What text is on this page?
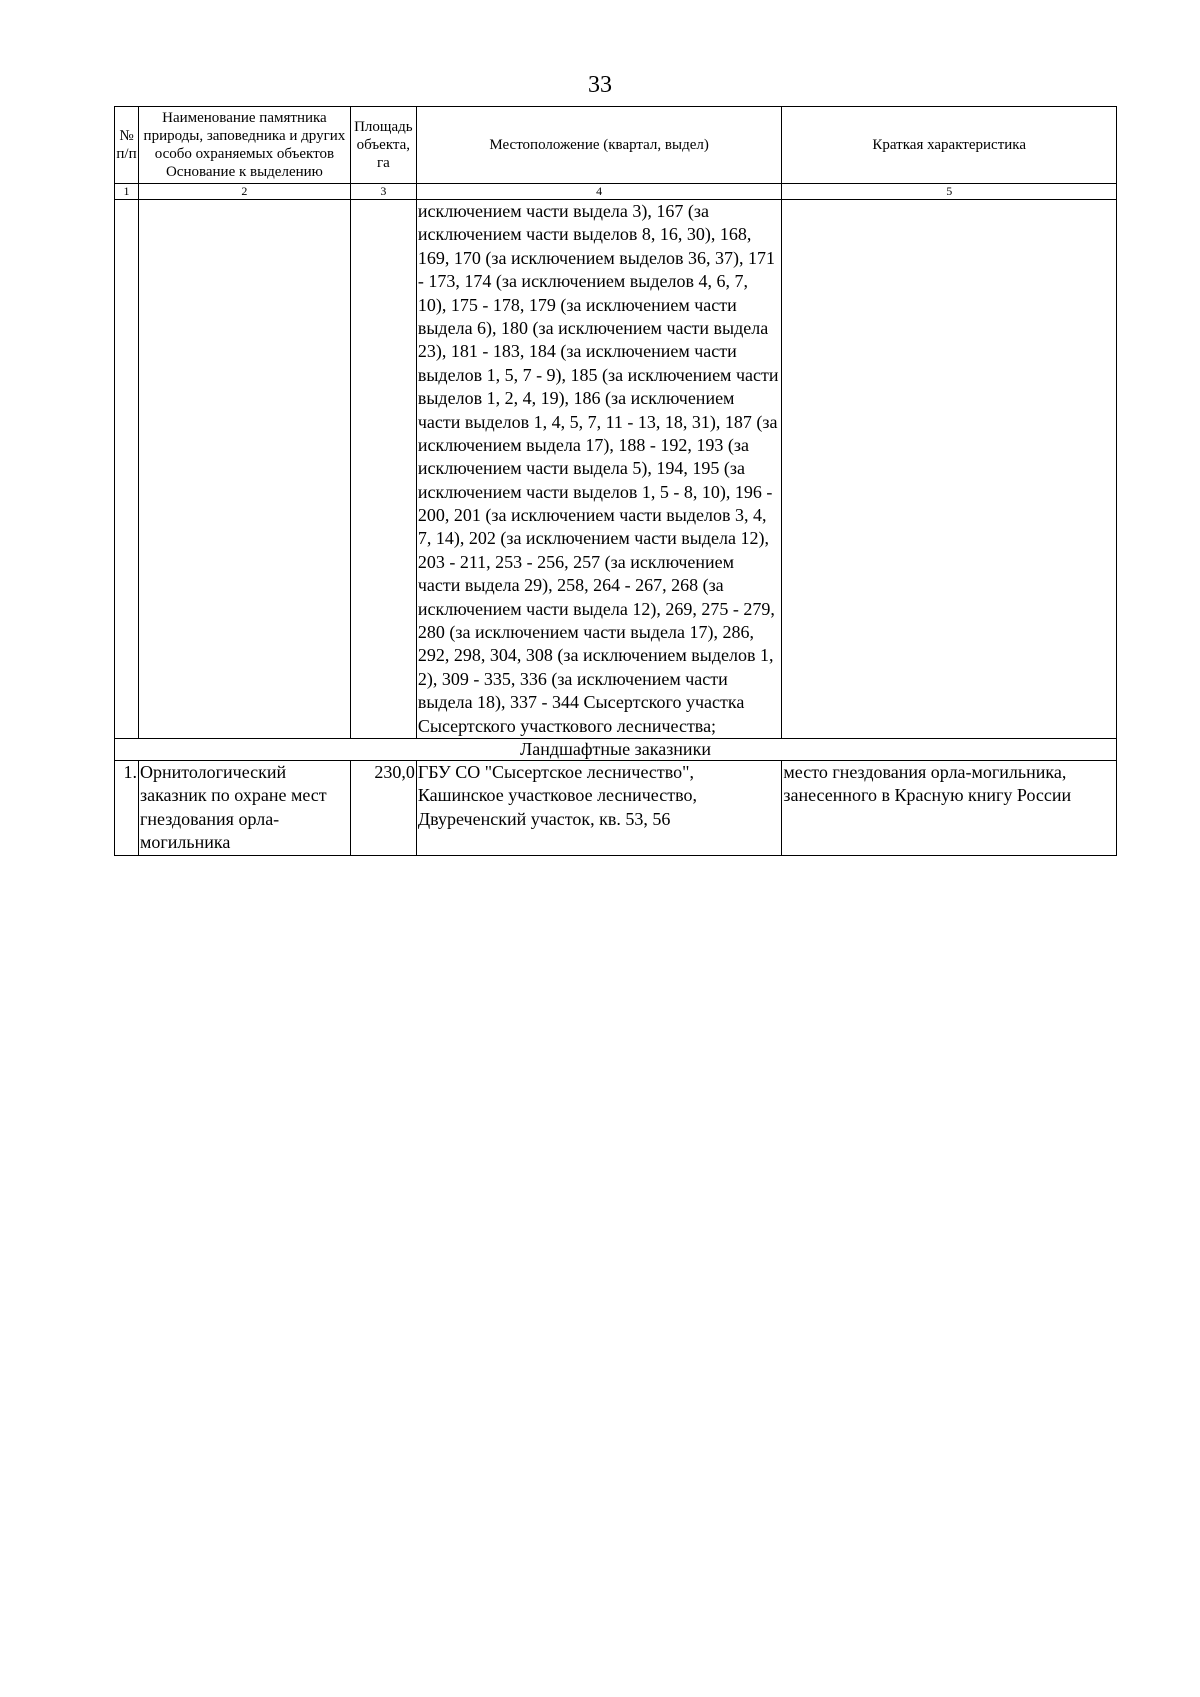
33
№ п/п	Наименование памятника природы, заповедника и других особо охраняемых объектов Основание к выделению	Площадь объекта, га	Местоположение (квартал, выдел)	Краткая характеристика
1	2	3	4	5
			исключением части выдела 3), 167 (за исключением части выделов 8, 16, 30), 168, 169, 170 (за исключением выделов 36, 37), 171 - 173, 174 (за исключением выделов 4, 6, 7, 10), 175 - 178, 179 (за исключением части выдела 6), 180 (за исключением части выдела 23), 181 - 183, 184 (за исключением части выделов 1, 5, 7 - 9), 185 (за исключением части выделов 1, 2, 4, 19), 186 (за исключением части выделов 1, 4, 5, 7, 11 - 13, 18, 31), 187 (за исключением выдела 17), 188 - 192, 193 (за исключением части выдела 5), 194, 195 (за исключением части выделов 1, 5 - 8, 10), 196 - 200, 201 (за исключением части выделов 3, 4, 7, 14), 202 (за исключением части выдела 12), 203 - 211, 253 - 256, 257 (за исключением части выдела 29), 258, 264 - 267, 268 (за исключением части выдела 12), 269, 275 - 279, 280 (за исключением части выдела 17), 286, 292, 298, 304, 308 (за исключением выделов 1, 2), 309 - 335, 336 (за исключением части выдела 18), 337 - 344 Сысертского участка Сысертского участкового лесничества;	
Ландшафтные заказники				
1.	Орнитологический заказник по охране мест гнездования орла-могильника	230,0	ГБУ СО "Сысертское лесничество", Кашинское участковое лесничество, Двуреченский участок, кв. 53, 56	место гнездования орла-могильника, занесенного в Красную книгу России
